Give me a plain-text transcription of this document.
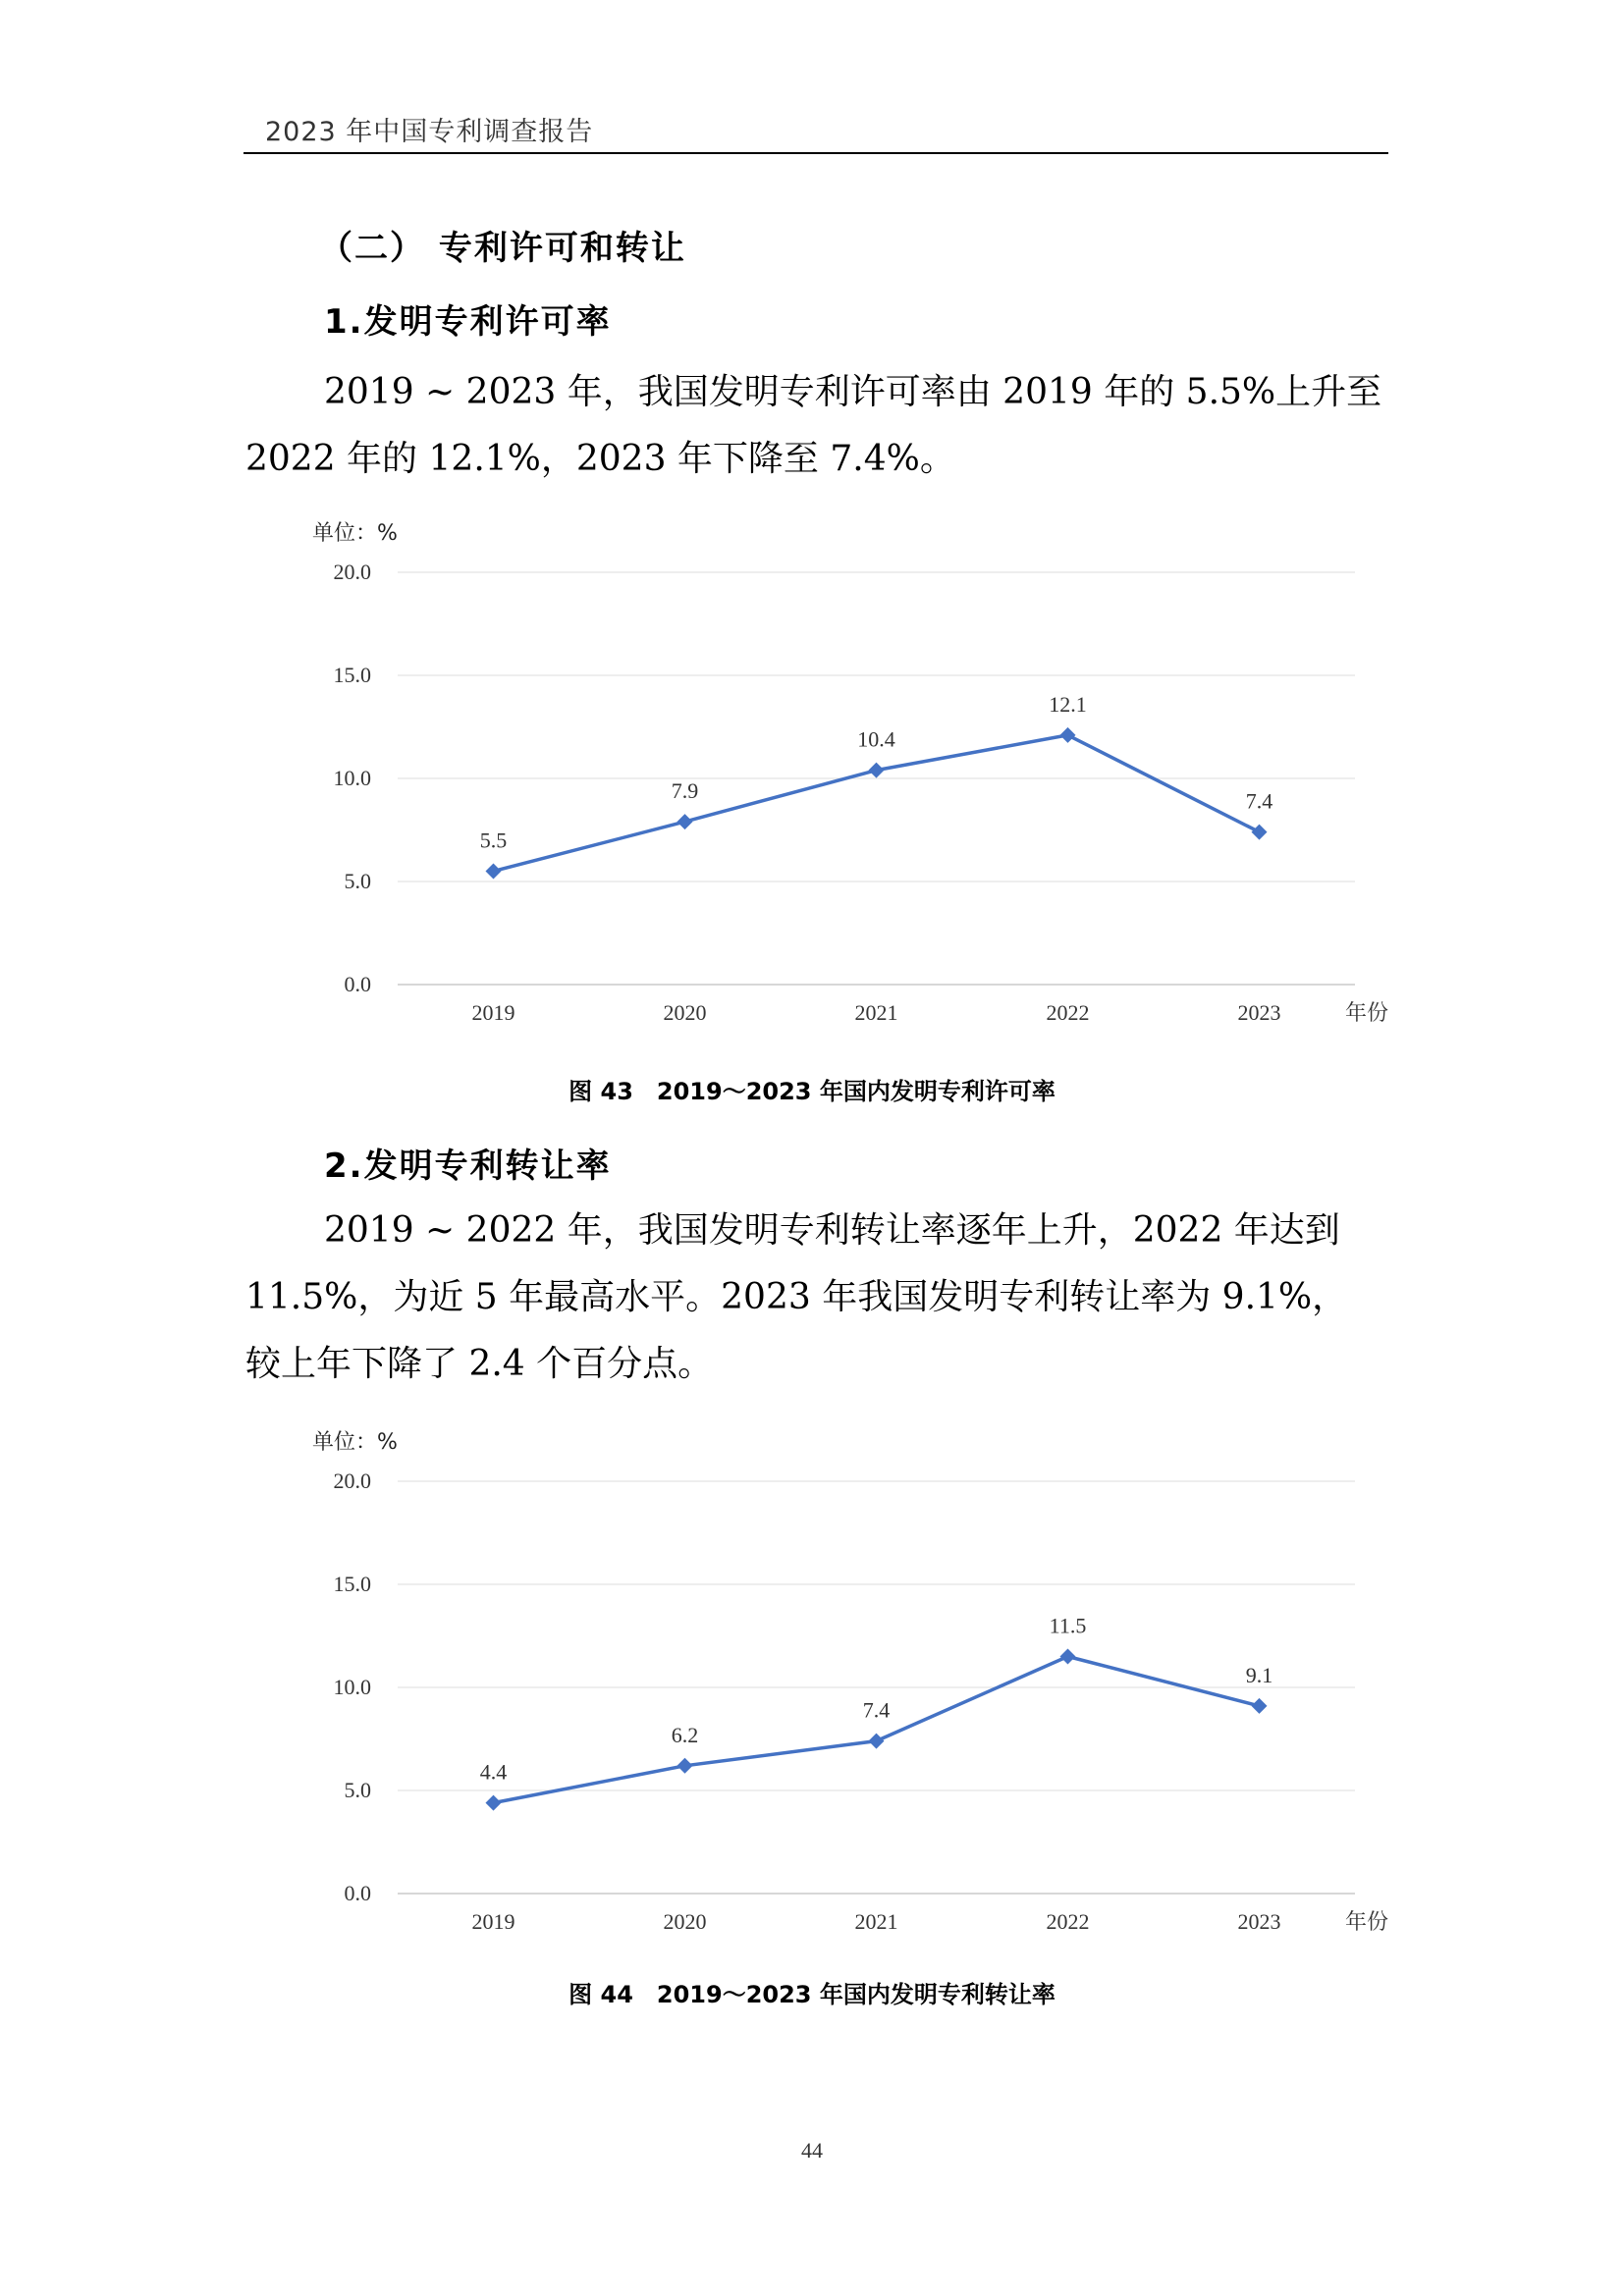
2023 年中国专利调查报告
（二） 专利许可和转让
1.发明专利许可率
2019 ~ 2023 年，我国发明专利许可率由 2019 年的 5.5%上升至
2022 年的 12.1%，2023 年下降至 7.4%。
单位：%
0.0
5.0
10.0
15.0
20.0
2019	2020	2021	2022	2023	年份
5.5
7.9
10.4
12.1
7.4
图 43　2019～2023 年国内发明专利许可率
2.发明专利转让率
2019 ~ 2022 年，我国发明专利转让率逐年上升，2022 年达到
11.5%，为近 5 年最高水平。2023 年我国发明专利转让率为 9.1%，
较上年下降了 2.4 个百分点。
单位：%
0.0
5.0
10.0
15.0
20.0
2019	2020	2021	2022	2023	年份
4.4
6.2
7.4
11.5
9.1
图 44　2019～2023 年国内发明专利转让率
44
